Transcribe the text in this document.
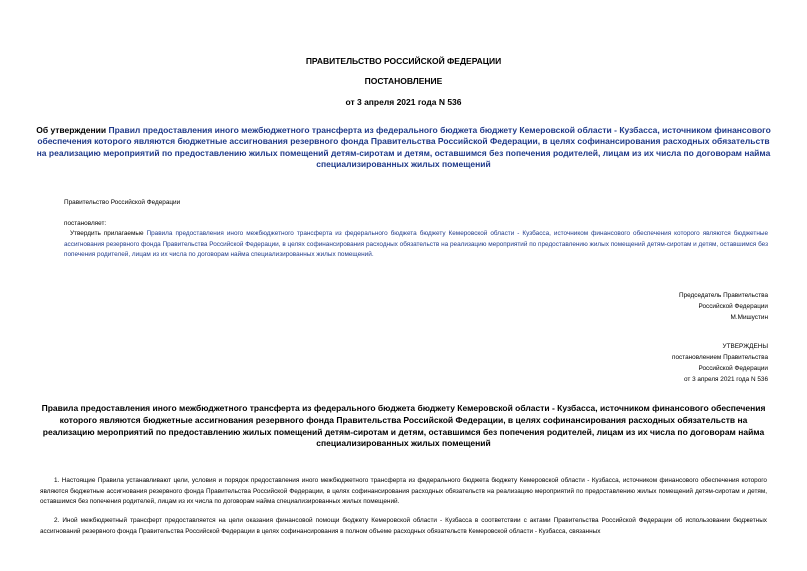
ПРАВИТЕЛЬСТВО РОССИЙСКОЙ ФЕДЕРАЦИИ
ПОСТАНОВЛЕНИЕ
от 3 апреля 2021 года N 536
Об утверждении Правил предоставления иного межбюджетного трансферта из федерального бюджета бюджету Кемеровской области - Кузбасса, источником финансового обеспечения которого являются бюджетные ассигнования резервного фонда Правительства Российской Федерации, в целях софинансирования расходных обязательств на реализацию мероприятий по предоставлению жилых помещений детям-сиротам и детям, оставшимся без попечения родителей, лицам из их числа по договорам найма специализированных жилых помещений
Правительство Российской Федерации
постановляет:
Утвердить прилагаемые Правила предоставления иного межбюджетного трансферта из федерального бюджета бюджету Кемеровской области - Кузбасса, источником финансового обеспечения которого являются бюджетные ассигнования резервного фонда Правительства Российской Федерации, в целях софинансирования расходных обязательств на реализацию мероприятий по предоставлению жилых помещений детям-сиротам и детям, оставшимся без попечения родителей, лицам из их числа по договорам найма специализированных жилых помещений.
Председатель Правительства
Российской Федерации
М.Мишустин
УТВЕРЖДЕНЫ
постановлением Правительства
Российской Федерации
от 3 апреля 2021 года N 536
Правила предоставления иного межбюджетного трансферта из федерального бюджета бюджету Кемеровской области - Кузбасса, источником финансового обеспечения которого являются бюджетные ассигнования резервного фонда Правительства Российской Федерации, в целях софинансирования расходных обязательств на реализацию мероприятий по предоставлению жилых помещений детям-сиротам и детям, оставшимся без попечения родителей, лицам из их числа по договорам найма специализированных жилых помещений
1. Настоящие Правила устанавливают цели, условия и порядок предоставления иного межбюджетного трансферта из федерального бюджета бюджету Кемеровской области - Кузбасса, источником финансового обеспечения которого являются бюджетные ассигнования резервного фонда Правительства Российской Федерации, в целях софинансирования расходных обязательств на реализацию мероприятий по предоставлению жилых помещений детям-сиротам и детям, оставшимся без попечения родителей, лицам из их числа по договорам найма специализированных жилых помещений.
2. Иной межбюджетный трансферт предоставляется на цели оказания финансовой помощи бюджету Кемеровской области - Кузбасса в соответствии с актами Правительства Российской Федерации об использовании бюджетных ассигнований резервного фонда Правительства Российской Федерации в целях софинансирования в полном объеме расходных обязательств Кемеровской области - Кузбасса, связанных
